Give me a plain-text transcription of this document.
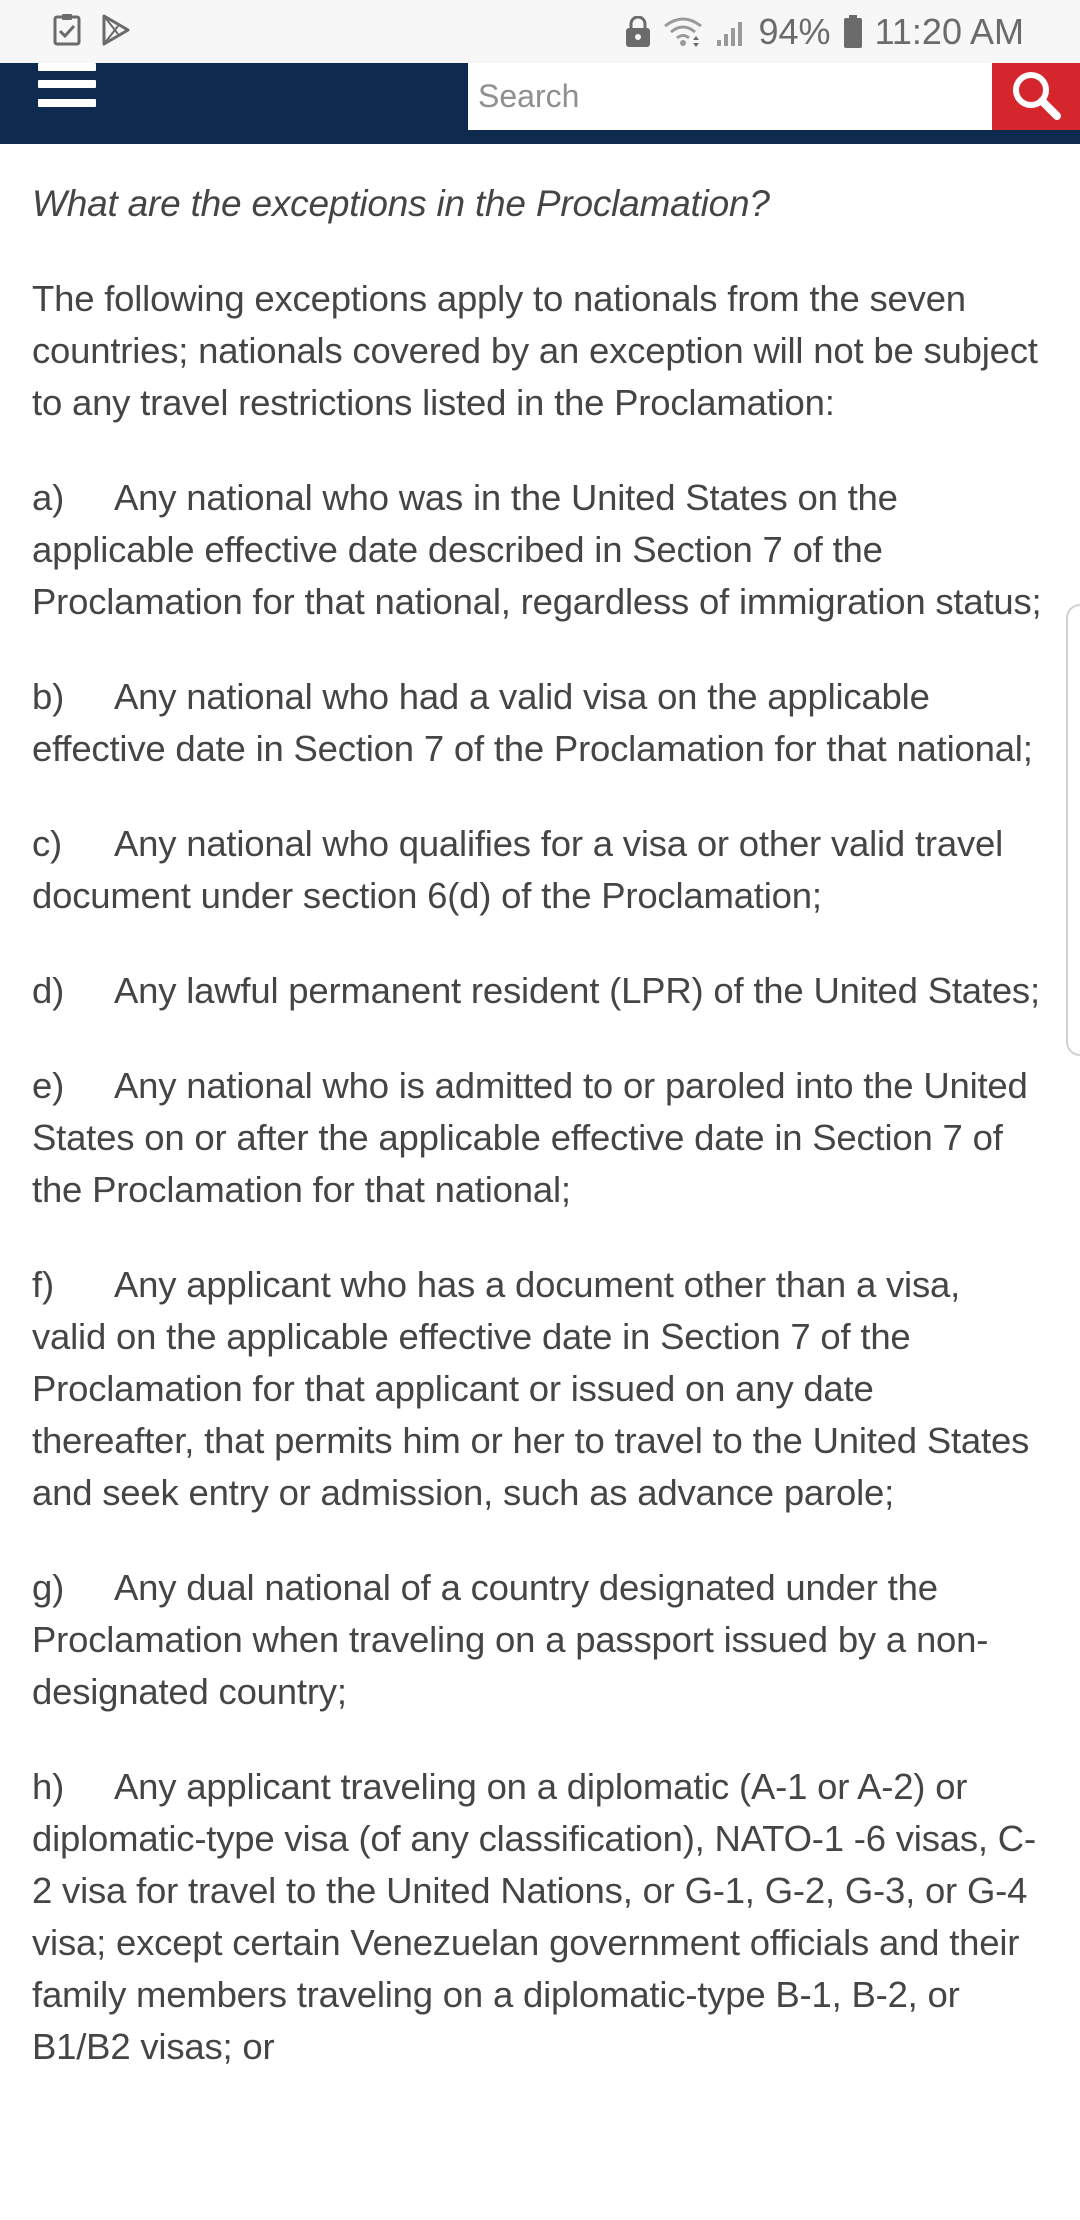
94% 11:20 AM
Search

What are the exceptions in the Proclamation?

The following exceptions apply to nationals from the seven countries; nationals covered by an exception will not be subject to any travel restrictions listed in the Proclamation:

a) Any national who was in the United States on the applicable effective date described in Section 7 of the Proclamation for that national, regardless of immigration status;

b) Any national who had a valid visa on the applicable effective date in Section 7 of the Proclamation for that national;

c) Any national who qualifies for a visa or other valid travel document under section 6(d) of the Proclamation;

d) Any lawful permanent resident (LPR) of the United States;

e) Any national who is admitted to or paroled into the United States on or after the applicable effective date in Section 7 of the Proclamation for that national;

f) Any applicant who has a document other than a visa, valid on the applicable effective date in Section 7 of the Proclamation for that applicant or issued on any date thereafter, that permits him or her to travel to the United States and seek entry or admission, such as advance parole;

g) Any dual national of a country designated under the Proclamation when traveling on a passport issued by a non-designated country;

h) Any applicant traveling on a diplomatic (A-1 or A-2) or diplomatic-type visa (of any classification), NATO-1 -6 visas, C-2 visa for travel to the United Nations, or G-1, G-2, G-3, or G-4 visa; except certain Venezuelan government officials and their family members traveling on a diplomatic-type B-1, B-2, or B1/B2 visas; or
